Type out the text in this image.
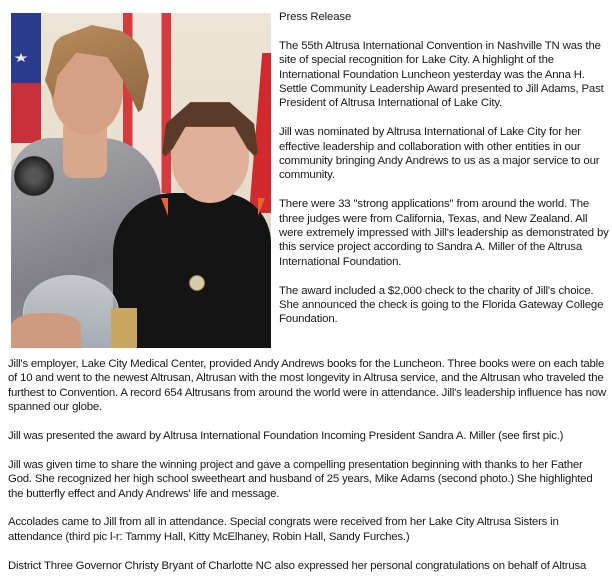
Press Release

The 55th Altrusa International Convention in Nashville TN was the site of special recognition for Lake City. A highlight of the International Foundation Luncheon yesterday was the Anna H. Settle Community Leadership Award presented to Jill Adams, Past President of Altrusa International of Lake City.

Jill was nominated by Altrusa International of Lake City for her effective leadership and collaboration with other entities in our community bringing Andy Andrews to us as a major service to our community.

There were 33 "strong applications" from around the world. The three judges were from California, Texas, and New Zealand. All were extremely impressed with Jill's leadership as demonstrated by this service project according to Sandra A. Miller of the Altrusa International Foundation.

The award included a $2,000 check to the charity of Jill's choice. She announced the check is going to the Florida Gateway College Foundation.

Jill's employer, Lake City Medical Center, provided Andy Andrews books for the Luncheon. Three books were on each table of 10 and went to the newest Altrusan, Altrusan with the most longevity in Altrusa service, and the Altrusan who traveled the furthest to Convention. A record 654 Altrusans from around the world were in attendance. Jill's leadership influence has now spanned our globe.

Jill was presented the award by Altrusa International Foundation Incoming President Sandra A. Miller (see first pic.)

Jill was given time to share the winning project and gave a compelling presentation beginning with thanks to her Father God. She recognized her high school sweetheart and husband of 25 years, Mike Adams (second photo.) She highlighted the butterfly effect and Andy Andrews' life and message.

Accolades came to Jill from all in attendance. Special congrats were received from her Lake City Altrusa Sisters in attendance (third pic l-r: Tammy Hall, Kitty McElhaney, Robin Hall, Sandy Furches.)

District Three Governor Christy Bryant of Charlotte NC also expressed her personal congratulations on behalf of Altrusa
